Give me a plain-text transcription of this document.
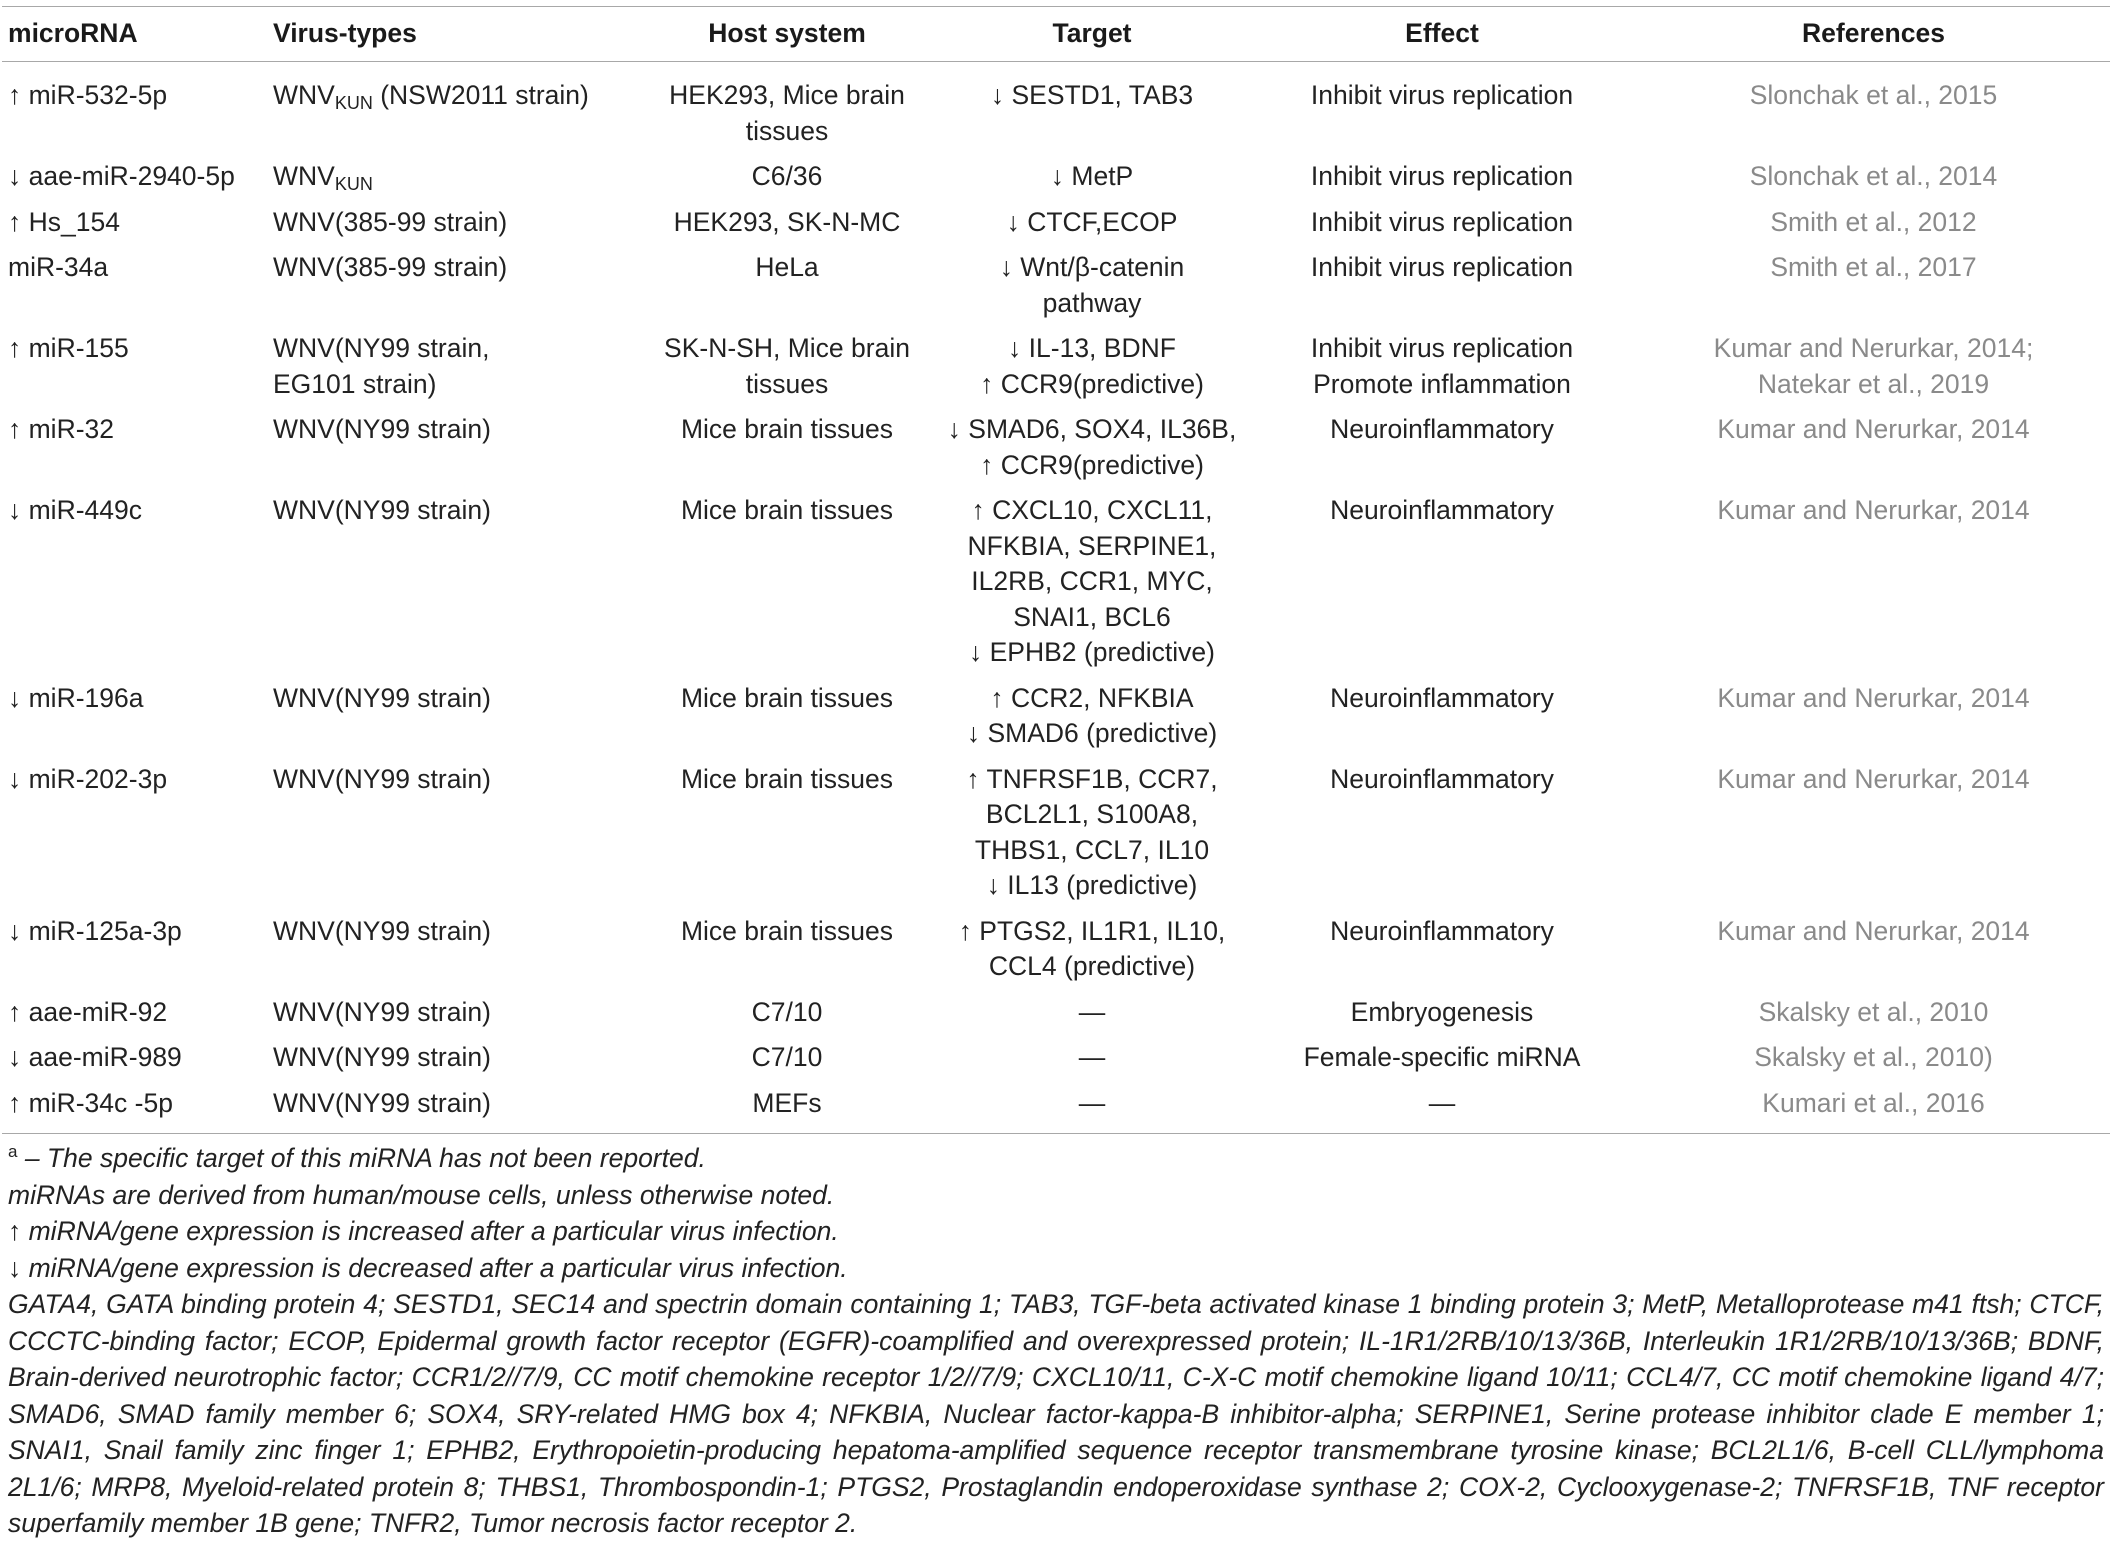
microRNA	Virus-types	Host system	Target	Effect	References
↑ miR-532-5p	$WNV_{KUN}$ (NSW2011 strain)	HEK293, Mice brain
tissues	↓ SESTD1, TAB3	Inhibit virus replication	Slonchak et al., 2015

↓ aae-miR-2940-5p	$WNV_{KUN}$	C6/36	↓ MetP	Inhibit virus replication	Slonchak et al., 2014

↑ Hs_154	WNV(385-99 strain)	HEK293, SK-N-MC	↓ CTCF,ECOP	Inhibit virus replication	Smith et al., 2012

miR-34a	WNV(385-99 strain)	HeLa	↓ Wnt/β-catenin
pathway	Inhibit virus replication	Smith et al., 2017

↑ miR-155	WNV(NY99 strain,
EG101 strain)	SK-N-SH, Mice brain
tissues	↓ IL-13, BDNF
↑ CCR9(predictive)	Inhibit virus replication
Promote inflammation	Kumar and Nerurkar, 2014;
Natekar et al., 2019

↑ miR-32	WNV(NY99 strain)	Mice brain tissues	↓ SMAD6, SOX4, IL36B,
↑ CCR9(predictive)	Neuroinflammatory	Kumar and Nerurkar, 2014

↓ miR-449c	WNV(NY99 strain)	Mice brain tissues	↑ CXCL10, CXCL11,
NFKBIA, SERPINE1,
IL2RB, CCR1, MYC,
SNAI1, BCL6
↓ EPHB2 (predictive)	Neuroinflammatory	Kumar and Nerurkar, 2014

↓ miR-196a	WNV(NY99 strain)	Mice brain tissues	↑ CCR2, NFKBIA
↓ SMAD6 (predictive)	Neuroinflammatory	Kumar and Nerurkar, 2014

↓ miR-202-3p	WNV(NY99 strain)	Mice brain tissues	↑ TNFRSF1B, CCR7,
BCL2L1, S100A8,
THBS1, CCL7, IL10
↓ IL13 (predictive)	Neuroinflammatory	Kumar and Nerurkar, 2014

↓ miR-125a-3p	WNV(NY99 strain)	Mice brain tissues	↑ PTGS2, IL1R1, IL10,
CCL4 (predictive)	Neuroinflammatory	Kumar and Nerurkar, 2014

↑ aae-miR-92	WNV(NY99 strain)	C7/10	—	Embryogenesis	Skalsky et al., 2010

↓ aae-miR-989	WNV(NY99 strain)	C7/10	—	Female-specific miRNA	Skalsky et al., 2010)

↑ miR-34c -5p	WNV(NY99 strain)	MEFs	—	—	Kumari et al., 2016
$^a$ – The specific target of this miRNA has not been reported.
miRNAs are derived from human/mouse cells, unless otherwise noted.
↑ miRNA/gene expression is increased after a particular virus infection.
↓ miRNA/gene expression is decreased after a particular virus infection.
GATA4, GATA binding protein 4; SESTD1, SEC14 and spectrin domain containing 1; TAB3, TGF-beta activated kinase 1 binding protein 3; MetP, Metalloprotease m41 ftsh; CTCF, CCCTC-binding factor; ECOP, Epidermal growth factor receptor (EGFR)-coamplified and overexpressed protein; IL-1R1/2RB/10/13/36B, Interleukin 1R1/2RB/10/13/36B; BDNF, Brain-derived neurotrophic factor; CCR1/2//7/9, CC motif chemokine receptor 1/2//7/9; CXCL10/11, C-X-C motif chemokine ligand 10/11; CCL4/7, CC motif chemokine ligand 4/7; SMAD6, SMAD family member 6; SOX4, SRY-related HMG box 4; NFKBIA, Nuclear factor-kappa-B inhibitor-alpha; SERPINE1, Serine protease inhibitor clade E member 1; SNAI1, Snail family zinc finger 1; EPHB2, Erythropoietin-producing hepatoma-amplified sequence receptor transmembrane tyrosine kinase; BCL2L1/6, B-cell CLL/lymphoma 2L1/6; MRP8, Myeloid-related protein 8; THBS1, Thrombospondin-1; PTGS2, Prostaglandin endoperoxidase synthase 2; COX-2, Cyclooxygenase-2; TNFRSF1B, TNF receptor superfamily member 1B gene; TNFR2, Tumor necrosis factor receptor 2.
